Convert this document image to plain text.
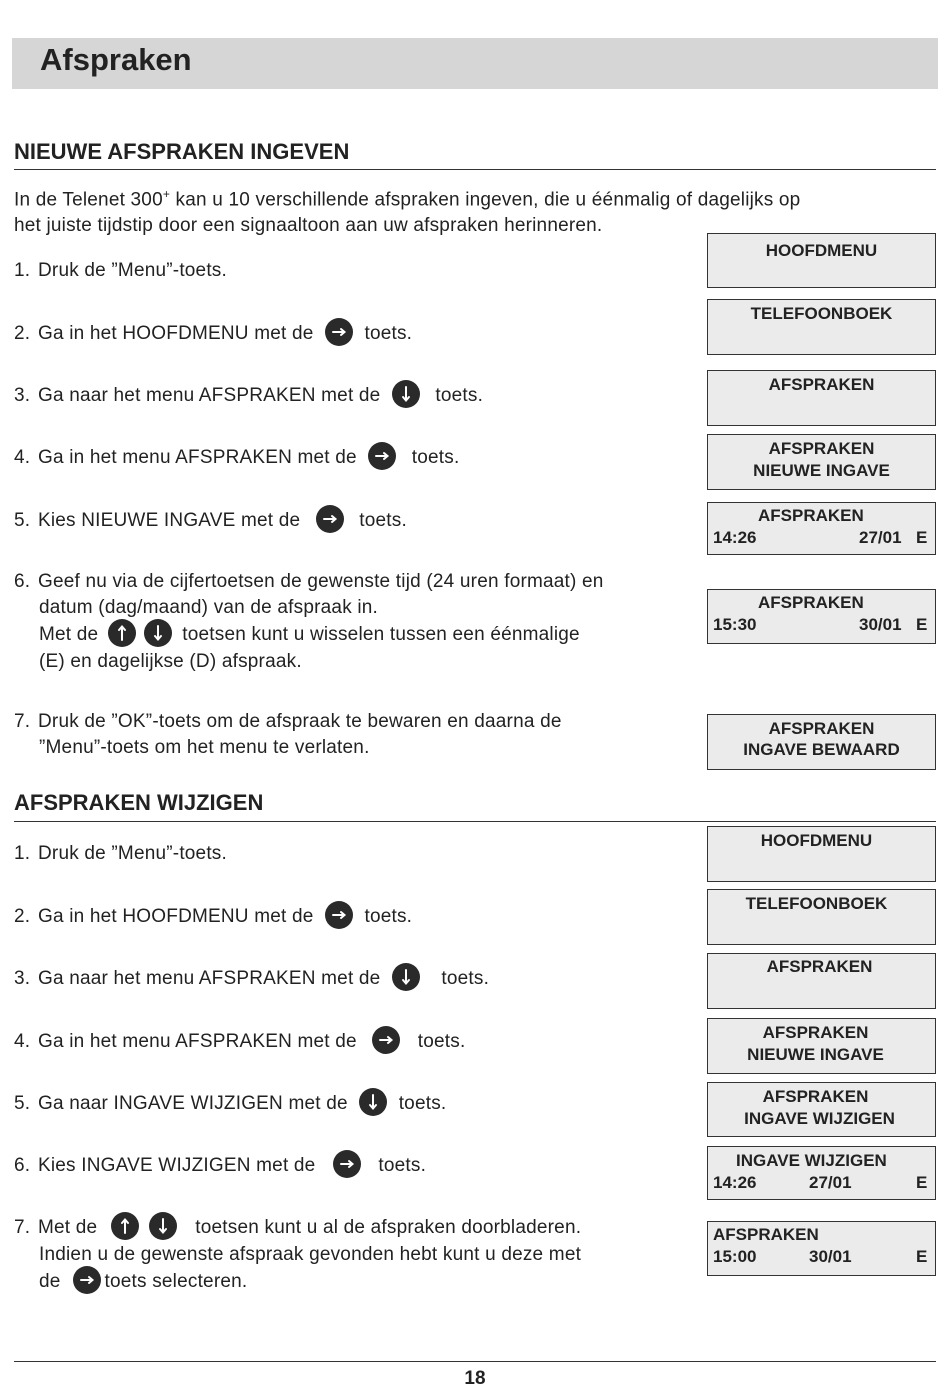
Afspraken
NIEUWE AFSPRAKEN INGEVEN
In de Telenet 300+ kan u 10 verschillende afspraken ingeven, die u éénmalig of dagelijks op
het juiste tijdstip door een signaaltoon aan uw afspraken herinneren.
1. Druk de ”Menu”-toets.
2. Ga in het HOOFDMENU met de	toets.
3. Ga naar het menu AFSPRAKEN met de	toets.
4. Ga in het menu AFSPRAKEN met de	toets.
5. Kies NIEUWE INGAVE met de	toets.
6. Geef nu via de cijfertoetsen de gewenste tijd (24 uren formaat) en
datum (dag/maand) van de afspraak in.
Met de	toetsen kunt u wisselen tussen een éénmalige
(E) en dagelijkse (D) afspraak.
7. Druk de ”OK”-toets om de afspraak te bewaren en daarna de
”Menu”-toets om het menu te verlaten.
HOOFDMENU
TELEFOONBOEK
AFSPRAKEN
AFSPRAKEN
NIEUWE INGAVE
AFSPRAKEN
14:26	27/01 E
AFSPRAKEN
15:30	30/01 E
AFSPRAKEN
INGAVE BEWAARD
AFSPRAKEN WIJZIGEN
1. Druk de ”Menu”-toets.
2. Ga in het HOOFDMENU met de	toets.
3. Ga naar het menu AFSPRAKEN met de	toets.
4. Ga in het menu AFSPRAKEN met de	toets.
5. Ga naar INGAVE WIJZIGEN met de	toets.
6. Kies INGAVE WIJZIGEN met de	toets.
7. Met de	toetsen kunt u al de afspraken doorbladeren.
Indien u de gewenste afspraak gevonden hebt kunt u deze met
de toets selecteren.
HOOFDMENU
TELEFOONBOEK
AFSPRAKEN
AFSPRAKEN
NIEUWE INGAVE
AFSPRAKEN
INGAVE WIJZIGEN
INGAVE WIJZIGEN
14:26	27/01	E
AFSPRAKEN
15:00	30/01	E
18
